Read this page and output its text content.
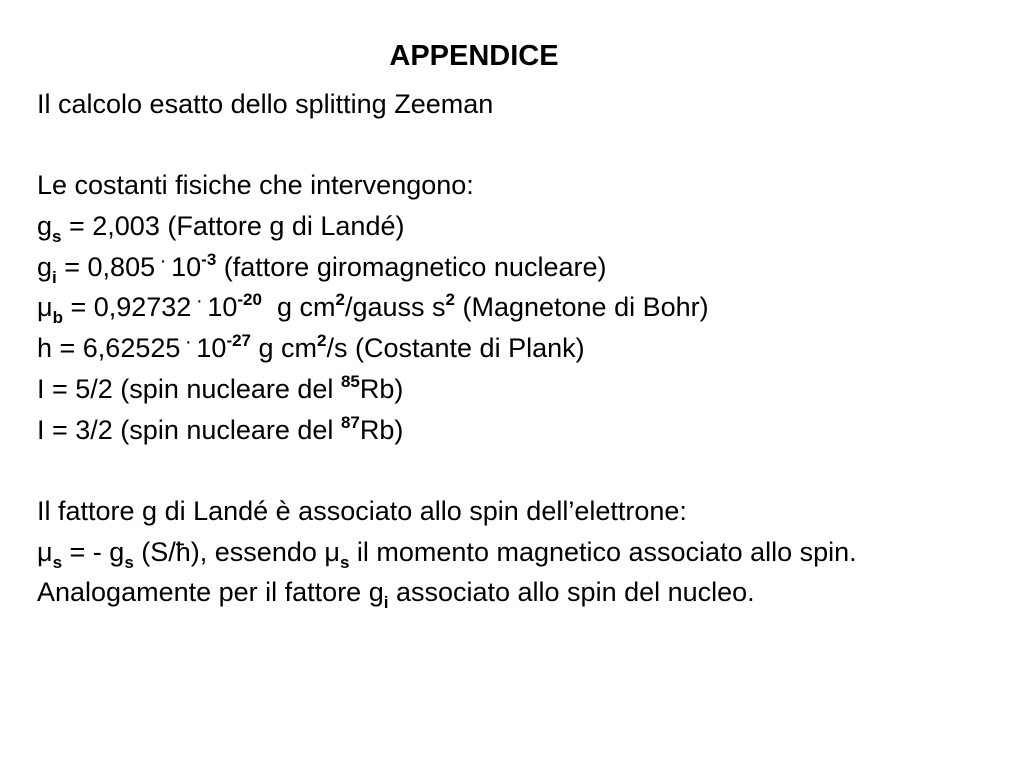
APPENDICE
Il calcolo esatto dello splitting Zeeman
Le costanti fisiche che intervengono:
$g_s = 2,003$ (Fattore g di Landé)
$g_i = 0,805 \cdot 10^{-3}$ (fattore giromagnetico nucleare)
$\mu_b = 0,92732 \cdot 10^{-20}$  g $cm^2$/gauss $s^2$ (Magnetone di Bohr)
$h = 6,62525 \cdot 10^{-27}$ g $cm^2/s$ (Costante di Plank)
I = 5/2 (spin nucleare del $^{85}$Rb)
I = 3/2 (spin nucleare del $^{87}$Rb)
Il fattore g di Landé è associato allo spin dell’elettrone:
$\mu_s$ = - $g_s$ (S/ħ), essendo $\mu_s$ il momento magnetico associato allo spin. Analogamente per il fattore $g_i$ associato allo spin del nucleo.
